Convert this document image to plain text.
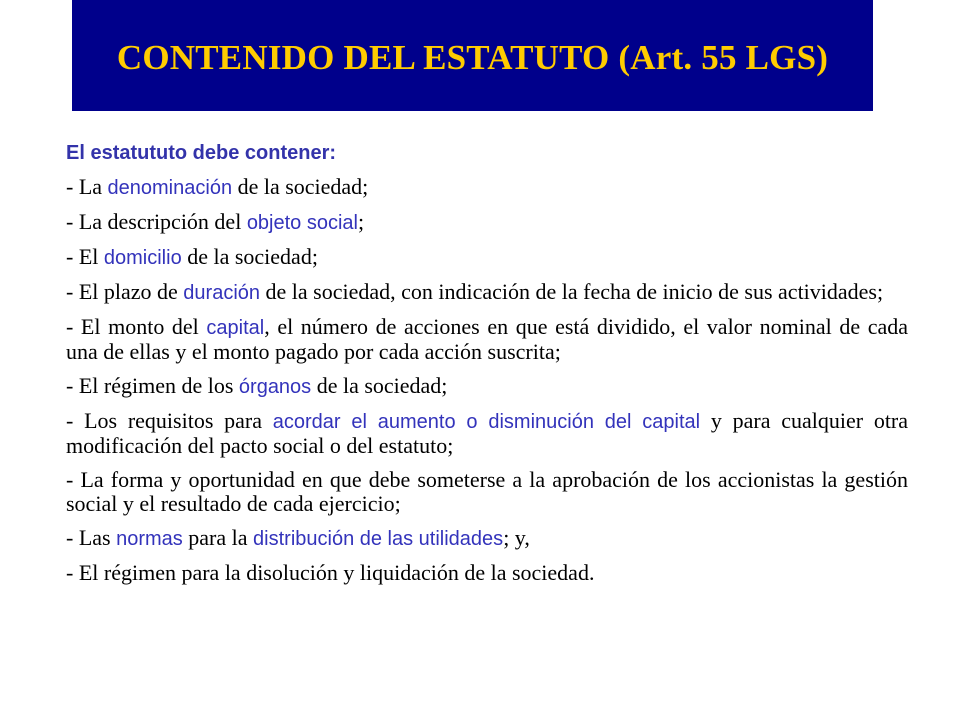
CONTENIDO DEL ESTATUTO (Art. 55 LGS)

El estatututo debe contener:

- La denominación de la sociedad;

- La descripción del objeto social;

- El domicilio de la sociedad;

- El plazo de duración de la sociedad, con indicación de la fecha de inicio de sus actividades;

- El monto del capital, el número de acciones en que está dividido, el valor nominal de cada una de ellas y el monto pagado por cada acción suscrita;

- El régimen de los órganos de la sociedad;

- Los requisitos para acordar el aumento o disminución del capital y para cualquier otra modificación del pacto social o del estatuto;

- La forma y oportunidad en que debe someterse a la aprobación de los accionistas la gestión social y el resultado de cada ejercicio;

- Las normas para la distribución de las utilidades; y,

- El régimen para la disolución y liquidación de la sociedad.
